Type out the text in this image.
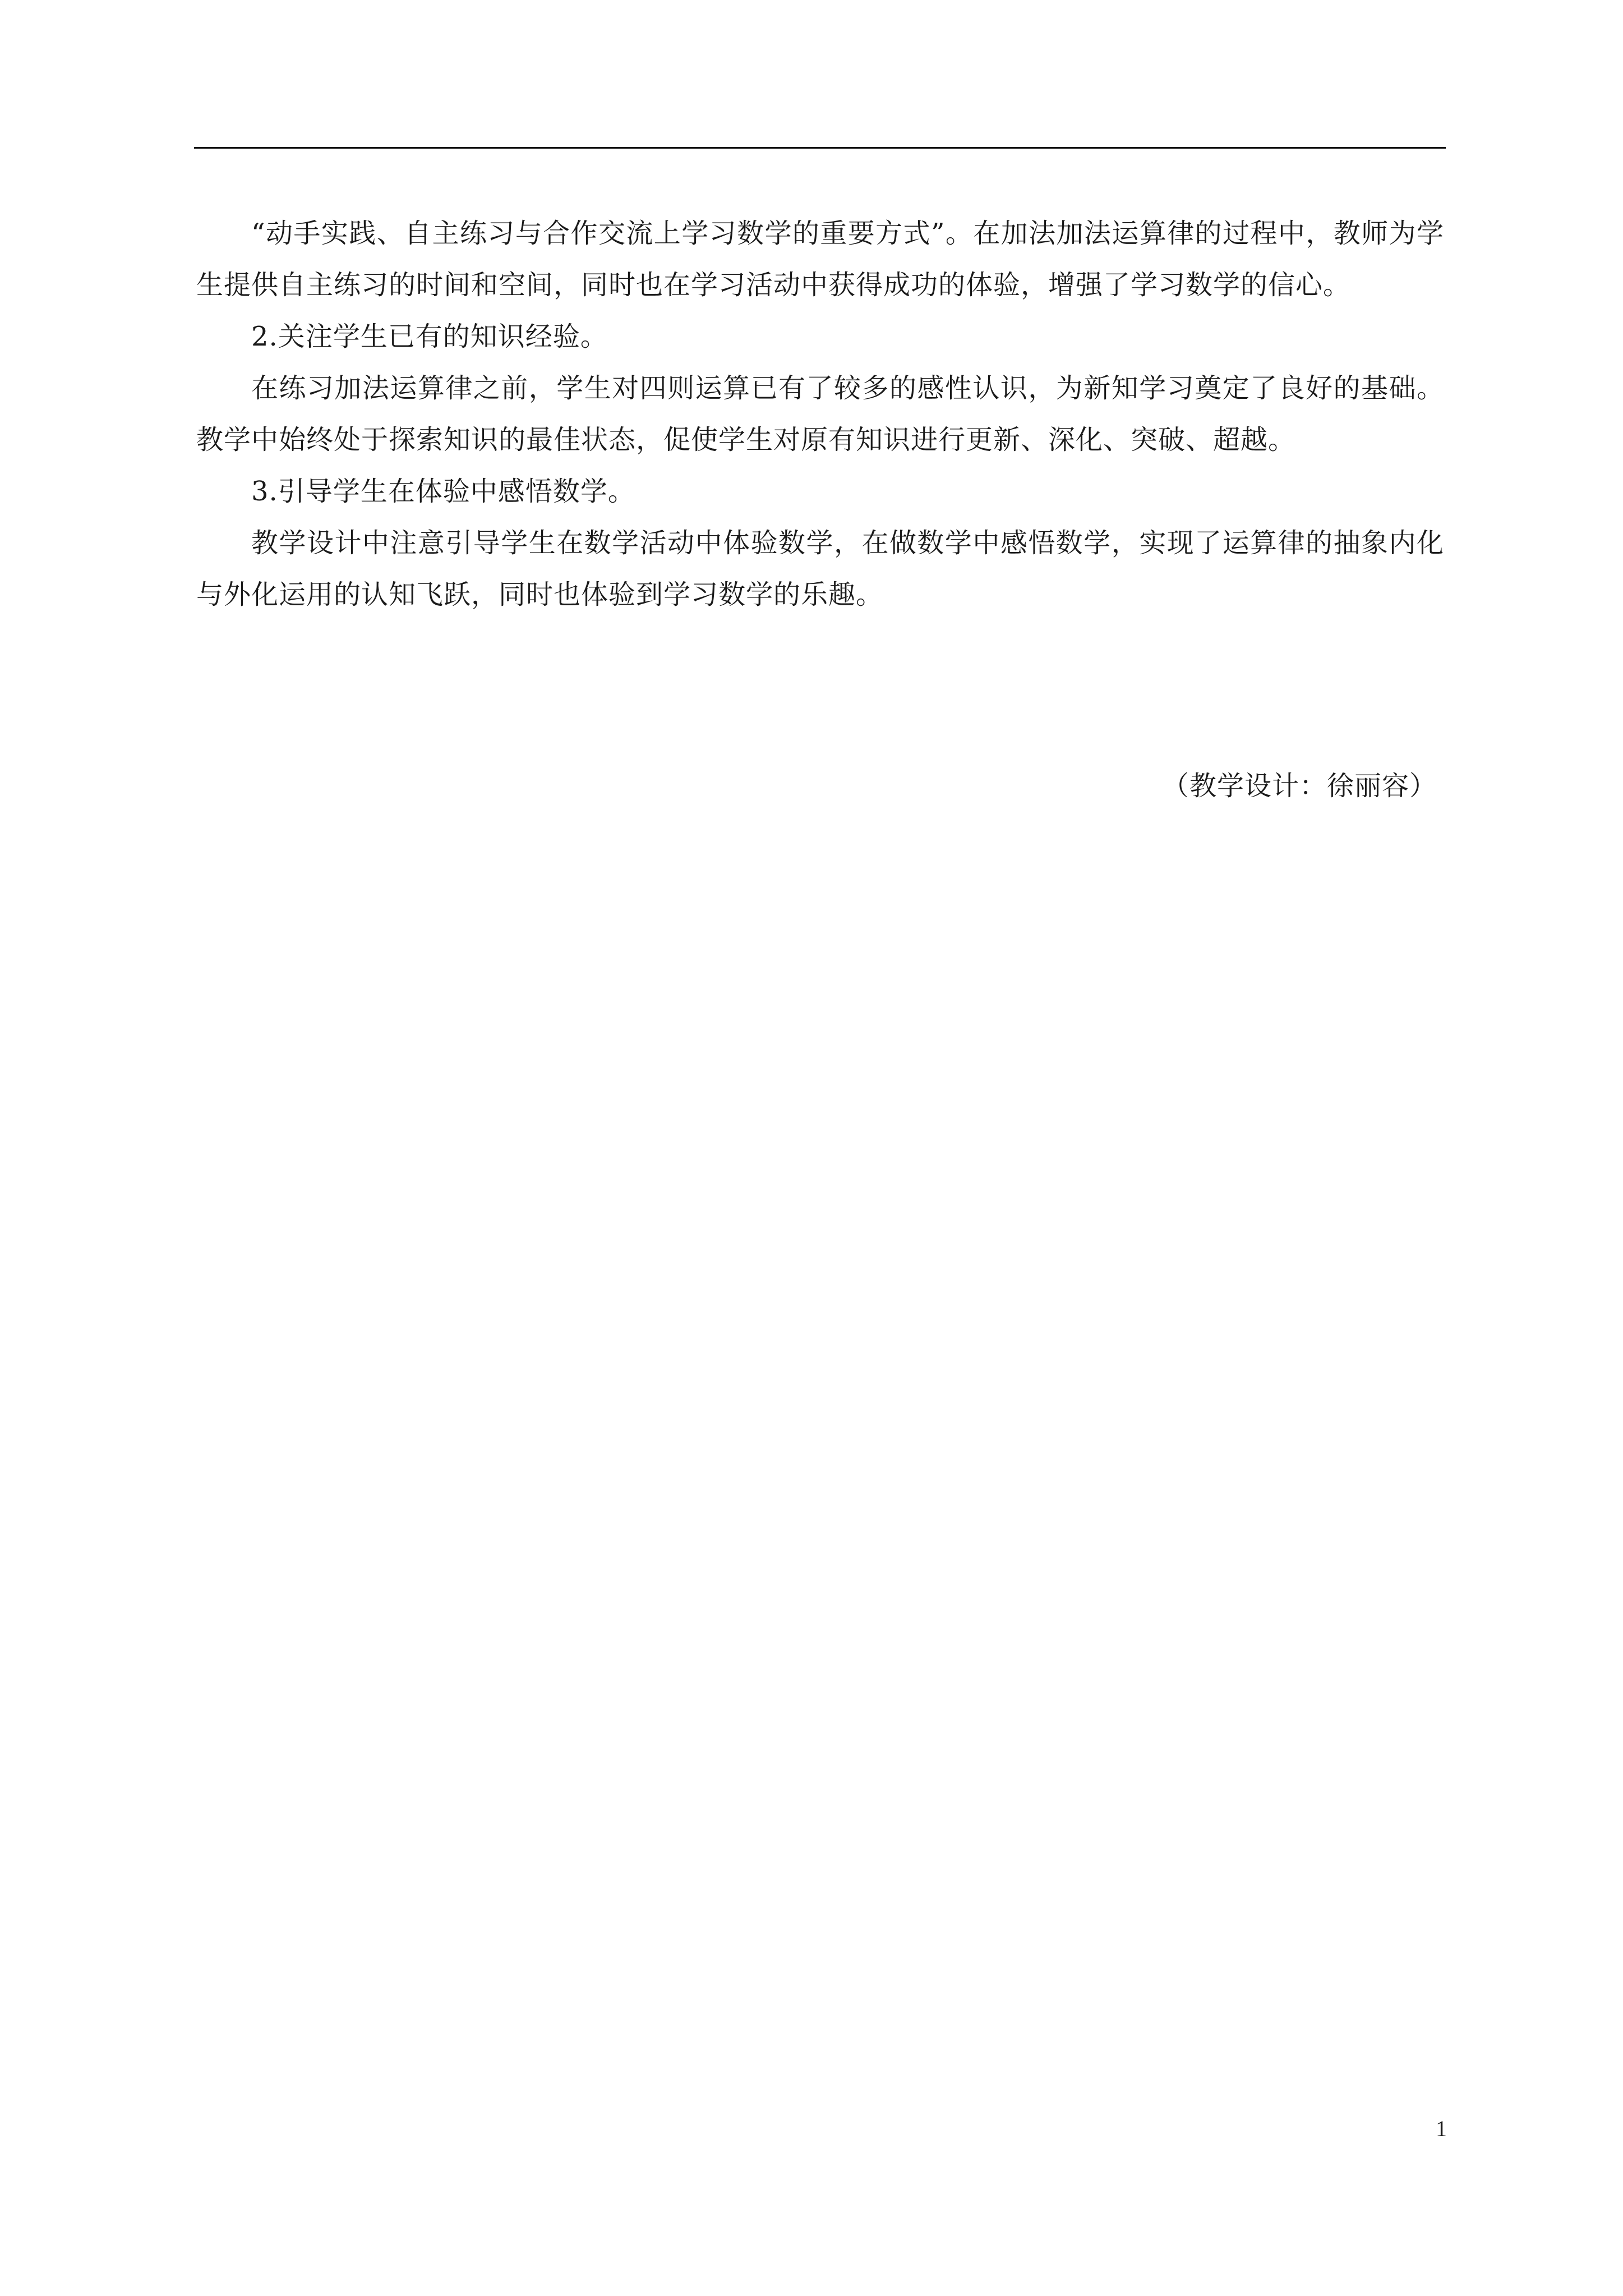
“动手实践、自主练习与合作交流上学习数学的重要方式”。在加法加法运算律的过程中，教师为学生提供自主练习的时间和空间，同时也在学习活动中获得成功的体验，增强了学习数学的信心。

2.关注学生已有的知识经验。

在练习加法运算律之前，学生对四则运算已有了较多的感性认识，为新知学习奠定了良好的基础。教学中始终处于探索知识的最佳状态，促使学生对原有知识进行更新、深化、突破、超越。

3.引导学生在体验中感悟数学。

教学设计中注意引导学生在数学活动中体验数学，在做数学中感悟数学，实现了运算律的抽象内化与外化运用的认知飞跃，同时也体验到学习数学的乐趣。

（教学设计：徐丽容）
1
